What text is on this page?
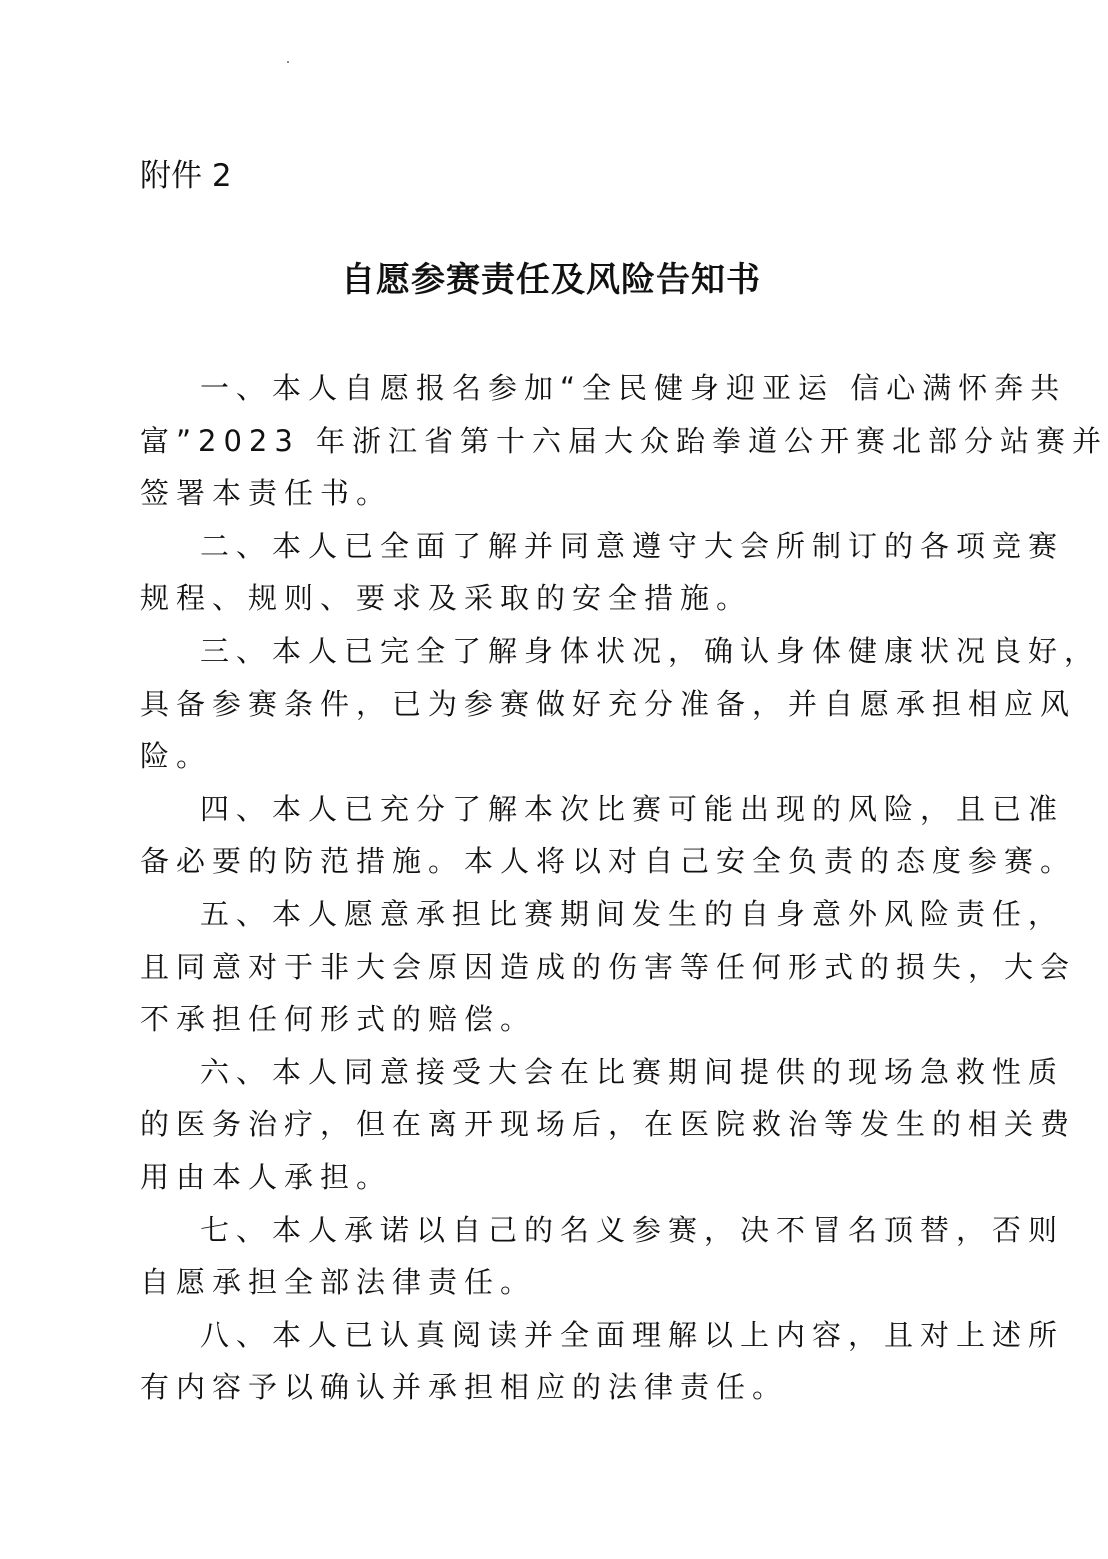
附件 2
自愿参赛责任及风险告知书
一、本人自愿报名参加“全民健身迎亚运 信心满怀奔共
富”2023 年浙江省第十六届大众跆拳道公开赛北部分站赛并
签署本责任书。
二、本人已全面了解并同意遵守大会所制订的各项竞赛
规程、规则、要求及采取的安全措施。
三、本人已完全了解身体状况，确认身体健康状况良好，
具备参赛条件，已为参赛做好充分准备，并自愿承担相应风
险。
四、本人已充分了解本次比赛可能出现的风险，且已准
备必要的防范措施。本人将以对自己安全负责的态度参赛。
五、本人愿意承担比赛期间发生的自身意外风险责任，
且同意对于非大会原因造成的伤害等任何形式的损失，大会
不承担任何形式的赔偿。
六、本人同意接受大会在比赛期间提供的现场急救性质
的医务治疗，但在离开现场后，在医院救治等发生的相关费
用由本人承担。
七、本人承诺以自己的名义参赛，决不冒名顶替，否则
自愿承担全部法律责任。
八、本人已认真阅读并全面理解以上内容，且对上述所
有内容予以确认并承担相应的法律责任。
